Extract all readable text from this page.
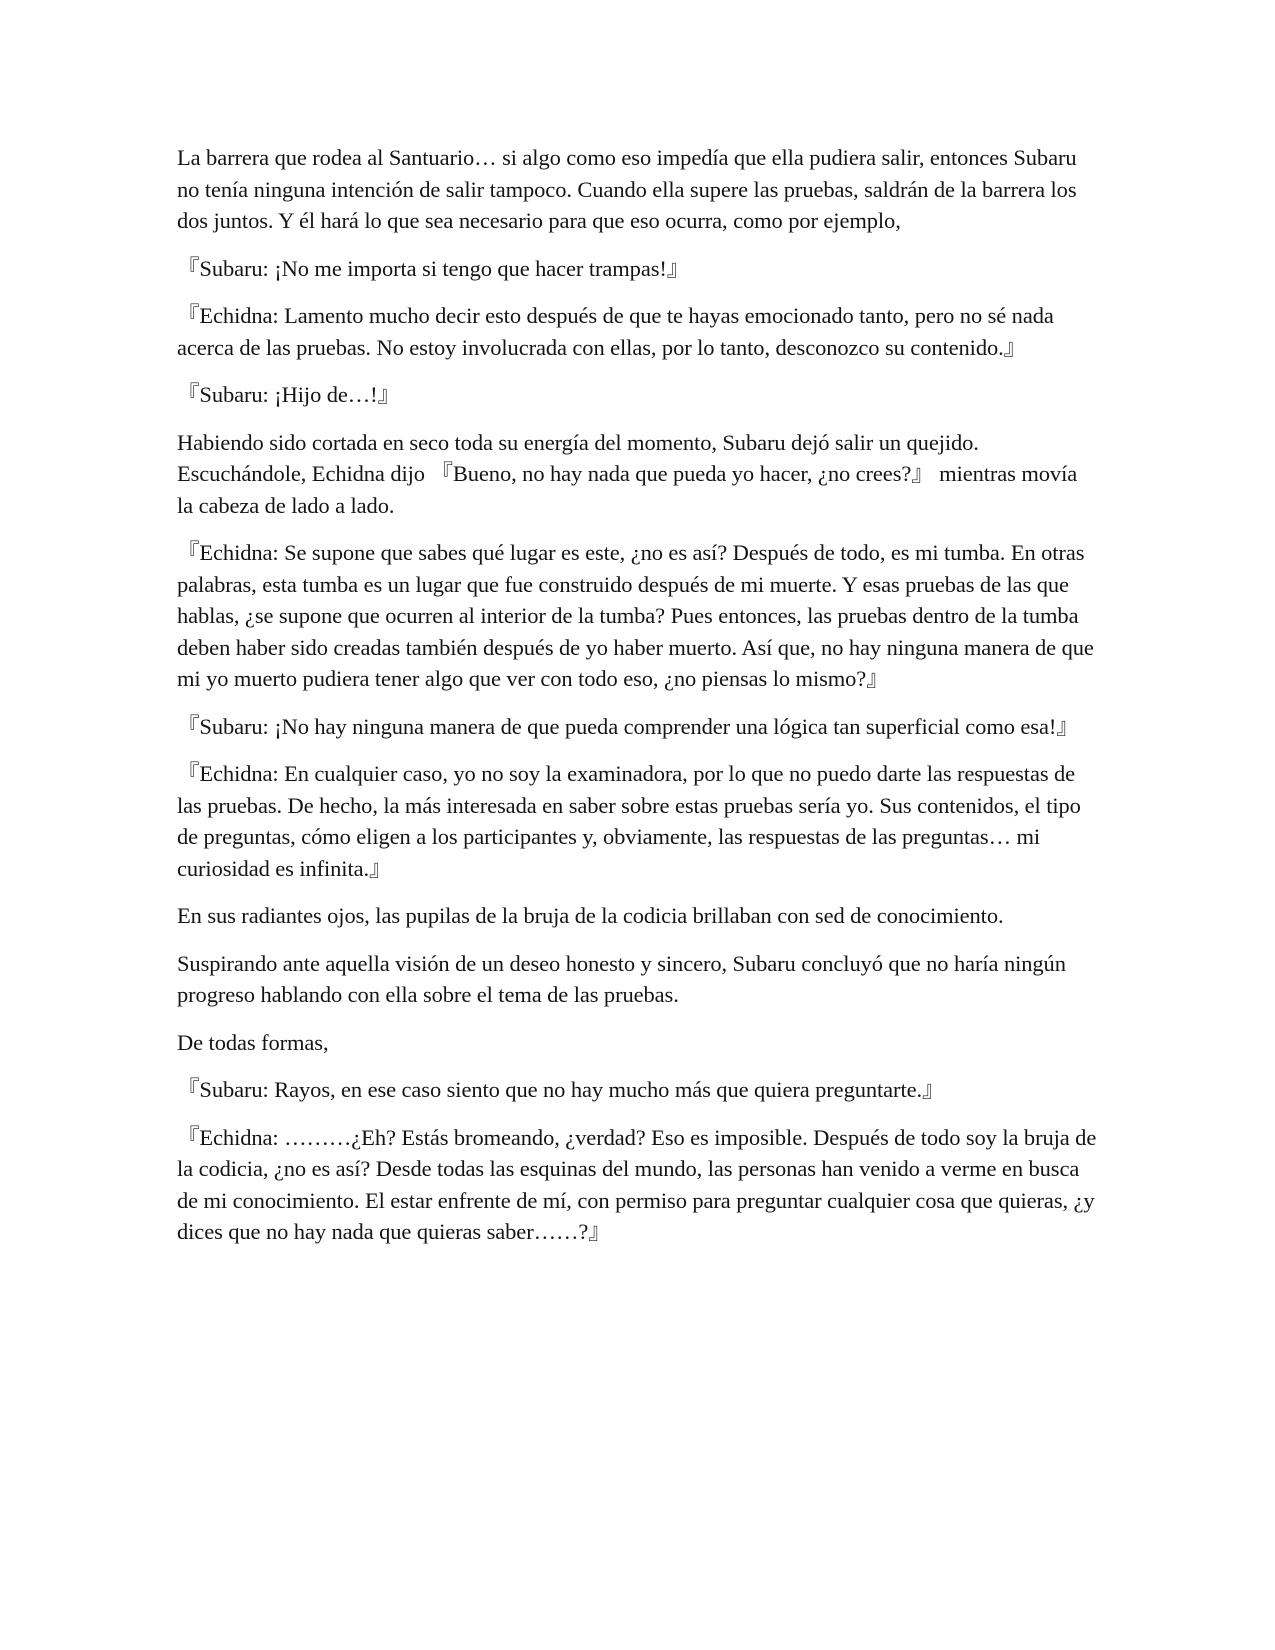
La barrera que rodea al Santuario… si algo como eso impedía que ella pudiera salir, entonces Subaru no tenía ninguna intención de salir tampoco. Cuando ella supere las pruebas, saldrán de la barrera los dos juntos. Y él hará lo que sea necesario para que eso ocurra, como por ejemplo,

『Subaru: ¡No me importa si tengo que hacer trampas!』

『Echidna: Lamento mucho decir esto después de que te hayas emocionado tanto, pero no sé nada acerca de las pruebas. No estoy involucrada con ellas, por lo tanto, desconozco su contenido.』

『Subaru: ¡Hijo de…!』

Habiendo sido cortada en seco toda su energía del momento, Subaru dejó salir un quejido. Escuchándole, Echidna dijo 『Bueno, no hay nada que pueda yo hacer, ¿no crees?』 mientras movía la cabeza de lado a lado.

『Echidna: Se supone que sabes qué lugar es este, ¿no es así? Después de todo, es mi tumba. En otras palabras, esta tumba es un lugar que fue construido después de mi muerte. Y esas pruebas de las que hablas, ¿se supone que ocurren al interior de la tumba? Pues entonces, las pruebas dentro de la tumba deben haber sido creadas también después de yo haber muerto. Así que, no hay ninguna manera de que mi yo muerto pudiera tener algo que ver con todo eso, ¿no piensas lo mismo?』

『Subaru: ¡No hay ninguna manera de que pueda comprender una lógica tan superficial como esa!』

『Echidna: En cualquier caso, yo no soy la examinadora, por lo que no puedo darte las respuestas de las pruebas. De hecho, la más interesada en saber sobre estas pruebas sería yo. Sus contenidos, el tipo de preguntas, cómo eligen a los participantes y, obviamente, las respuestas de las preguntas… mi curiosidad es infinita.』

En sus radiantes ojos, las pupilas de la bruja de la codicia brillaban con sed de conocimiento.

Suspirando ante aquella visión de un deseo honesto y sincero, Subaru concluyó que no haría ningún progreso hablando con ella sobre el tema de las pruebas.

De todas formas,

『Subaru: Rayos, en ese caso siento que no hay mucho más que quiera preguntarte.』

『Echidna: ………¿Eh? Estás bromeando, ¿verdad? Eso es imposible. Después de todo soy la bruja de la codicia, ¿no es así? Desde todas las esquinas del mundo, las personas han venido a verme en busca de mi conocimiento. El estar enfrente de mí, con permiso para preguntar cualquier cosa que quieras, ¿y dices que no hay nada que quieras saber……?』
